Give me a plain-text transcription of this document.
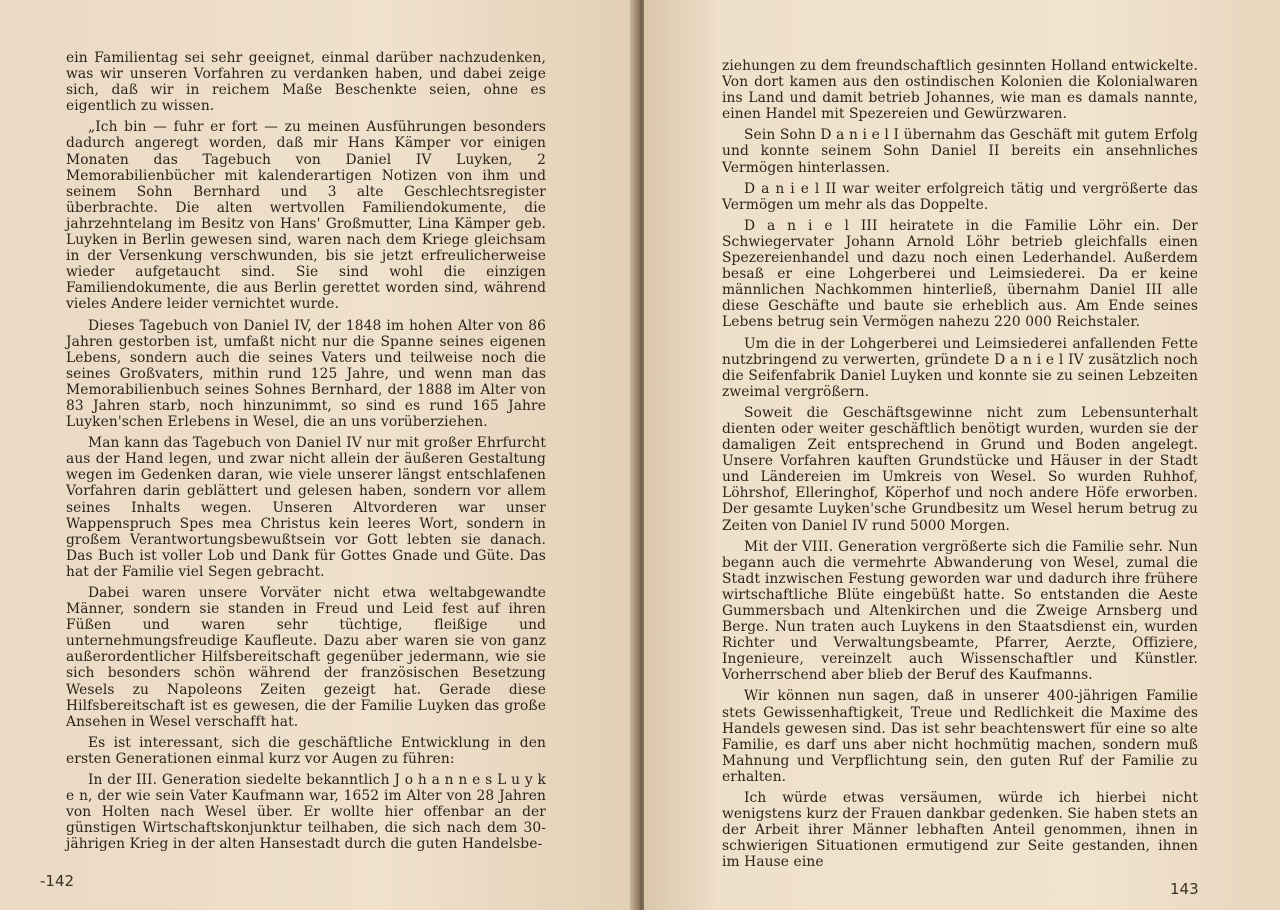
ein Familientag sei sehr geeignet, einmal darüber nachzudenken, was wir unseren Vorfahren zu verdanken haben, und dabei zeige sich, daß wir in reichem Maße Beschenkte seien, ohne es eigentlich zu wissen.

„Ich bin — fuhr er fort — zu meinen Ausführungen besonders dadurch angeregt worden, daß mir Hans Kämper vor einigen Monaten das Tagebuch von Daniel IV Luyken, 2 Memorabilienbücher mit kalenderartigen Notizen von ihm und seinem Sohn Bernhard und 3 alte Geschlechtsregister überbrachte. Die alten wertvollen Familiendokumente, die jahrzehntelang im Besitz von Hans' Großmutter, Lina Kämper geb. Luyken in Berlin gewesen sind, waren nach dem Kriege gleichsam in der Versenkung verschwunden, bis sie jetzt erfreulicherweise wieder aufgetaucht sind. Sie sind wohl die einzigen Familiendokumente, die aus Berlin gerettet worden sind, während vieles Andere leider vernichtet wurde.

Dieses Tagebuch von Daniel IV, der 1848 im hohen Alter von 86 Jahren gestorben ist, umfaßt nicht nur die Spanne seines eigenen Lebens, sondern auch die seines Vaters und teilweise noch die seines Großvaters, mithin rund 125 Jahre, und wenn man das Memorabilienbuch seines Sohnes Bernhard, der 1888 im Alter von 83 Jahren starb, noch hinzunimmt, so sind es rund 165 Jahre Luyken'schen Erlebens in Wesel, die an uns vorüberziehen.

Man kann das Tagebuch von Daniel IV nur mit großer Ehrfurcht aus der Hand legen, und zwar nicht allein der äußeren Gestaltung wegen im Gedenken daran, wie viele unserer längst entschlafenen Vorfahren darin geblättert und gelesen haben, sondern vor allem seines Inhalts wegen. Unseren Altvorderen war unser Wappenspruch Spes mea Christus kein leeres Wort, sondern in großem Verantwortungsbewußtsein vor Gott lebten sie danach. Das Buch ist voller Lob und Dank für Gottes Gnade und Güte. Das hat der Familie viel Segen gebracht.

Dabei waren unsere Vorväter nicht etwa weltabgewandte Männer, sondern sie standen in Freud und Leid fest auf ihren Füßen und waren sehr tüchtige, fleißige und unternehmungsfreudige Kaufleute. Dazu aber waren sie von ganz außerordentlicher Hilfsbereitschaft gegenüber jedermann, wie sie sich besonders schön während der französischen Besetzung Wesels zu Napoleons Zeiten gezeigt hat. Gerade diese Hilfsbereitschaft ist es gewesen, die der Familie Luyken das große Ansehen in Wesel verschafft hat.

Es ist interessant, sich die geschäftliche Entwicklung in den ersten Generationen einmal kurz vor Augen zu führen:

In der III. Generation siedelte bekanntlich J o h a n n e s L u y k e n, der wie sein Vater Kaufmann war, 1652 im Alter von 28 Jahren von Holten nach Wesel über. Er wollte hier offenbar an der günstigen Wirtschaftskonjunktur teilhaben, die sich nach dem 30-jährigen Krieg in der alten Hansestadt durch die guten Handelsbe-

ziehungen zu dem freundschaftlich gesinnten Holland entwickelte. Von dort kamen aus den ostindischen Kolonien die Kolonialwaren ins Land und damit betrieb Johannes, wie man es damals nannte, einen Handel mit Spezereien und Gewürzwaren.

Sein Sohn D a n i e l I übernahm das Geschäft mit gutem Erfolg und konnte seinem Sohn Daniel II bereits ein ansehnliches Vermögen hinterlassen.

D a n i e l II war weiter erfolgreich tätig und vergrößerte das Vermögen um mehr als das Doppelte.

D a n i e l III heiratete in die Familie Löhr ein. Der Schwiegervater Johann Arnold Löhr betrieb gleichfalls einen Spezereienhandel und dazu noch einen Lederhandel. Außerdem besaß er eine Lohgerberei und Leimsiederei. Da er keine männlichen Nachkommen hinterließ, übernahm Daniel III alle diese Geschäfte und baute sie erheblich aus. Am Ende seines Lebens betrug sein Vermögen nahezu 220 000 Reichstaler.

Um die in der Lohgerberei und Leimsiederei anfallenden Fette nutzbringend zu verwerten, gründete D a n i e l IV zusätzlich noch die Seifenfabrik Daniel Luyken und konnte sie zu seinen Lebzeiten zweimal vergrößern.

Soweit die Geschäftsgewinne nicht zum Lebensunterhalt dienten oder weiter geschäftlich benötigt wurden, wurden sie der damaligen Zeit entsprechend in Grund und Boden angelegt. Unsere Vorfahren kauften Grundstücke und Häuser in der Stadt und Ländereien im Umkreis von Wesel. So wurden Ruhhof, Löhrshof, Elleringhof, Köperhof und noch andere Höfe erworben. Der gesamte Luyken'sche Grundbesitz um Wesel herum betrug zu Zeiten von Daniel IV rund 5000 Morgen.

Mit der VIII. Generation vergrößerte sich die Familie sehr. Nun begann auch die vermehrte Abwanderung von Wesel, zumal die Stadt inzwischen Festung geworden war und dadurch ihre frühere wirtschaftliche Blüte eingebüßt hatte. So entstanden die Aeste Gummersbach und Altenkirchen und die Zweige Arnsberg und Berge. Nun traten auch Luykens in den Staatsdienst ein, wurden Richter und Verwaltungsbeamte, Pfarrer, Aerzte, Offiziere, Ingenieure, vereinzelt auch Wissenschaftler und Künstler. Vorherrschend aber blieb der Beruf des Kaufmanns.

Wir können nun sagen, daß in unserer 400-jährigen Familie stets Gewissenhaftigkeit, Treue und Redlichkeit die Maxime des Handels gewesen sind. Das ist sehr beachtenswert für eine so alte Familie, es darf uns aber nicht hochmütig machen, sondern muß Mahnung und Verpflichtung sein, den guten Ruf der Familie zu erhalten.

Ich würde etwas versäumen, würde ich hierbei nicht wenigstens kurz der Frauen dankbar gedenken. Sie haben stets an der Arbeit ihrer Männer lebhaften Anteil genommen, ihnen in schwierigen Situationen ermutigend zur Seite gestanden, ihnen im Hause eine

-142	143
